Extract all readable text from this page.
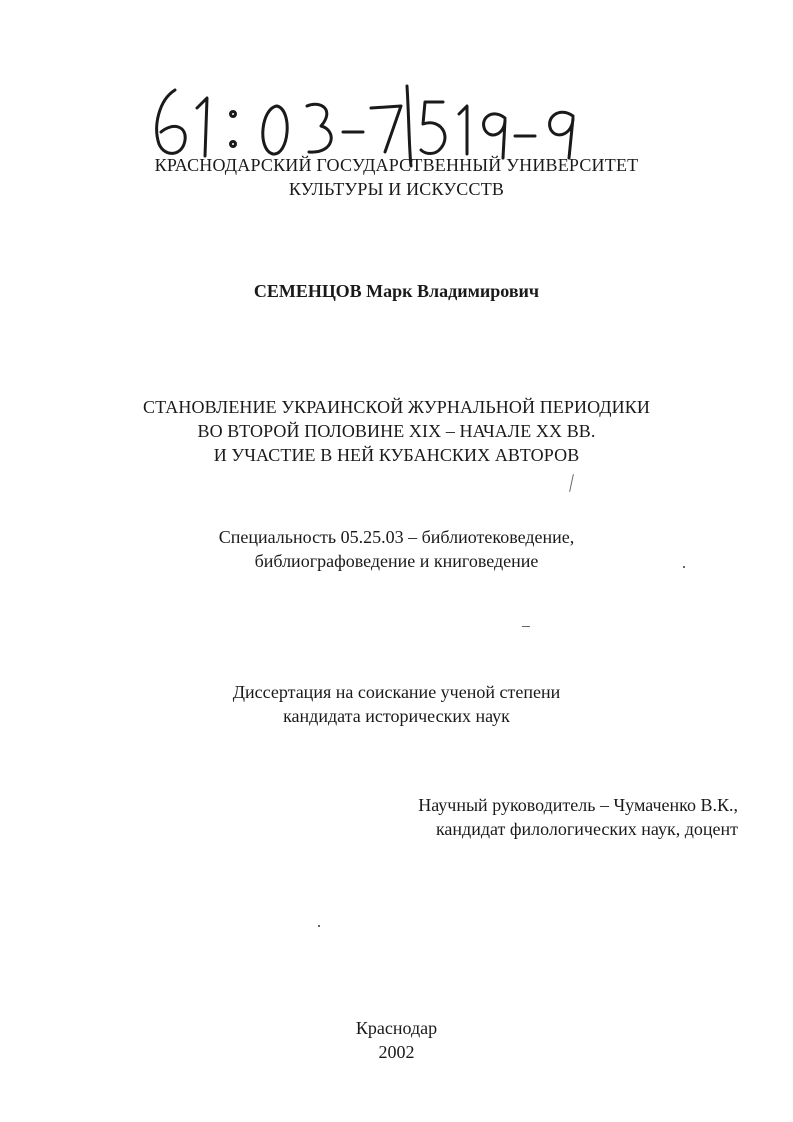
КРАСНОДАРСКИЙ ГОСУДАРСТВЕННЫЙ УНИВЕРСИТЕТ
КУЛЬТУРЫ И ИСКУССТВ
СЕМЕНЦОВ Марк Владимирович
СТАНОВЛЕНИЕ УКРАИНСКОЙ ЖУРНАЛЬНОЙ ПЕРИОДИКИ
ВО ВТОРОЙ ПОЛОВИНЕ XIX – НАЧАЛЕ XX ВВ.
И УЧАСТИЕ В НЕЙ КУБАНСКИХ АВТОРОВ
Специальность 05.25.03 – библиотековедение,
библиографоведение и книговедение
Диссертация на соискание ученой степени
кандидата исторических наук
Научный руководитель – Чумаченко В.К.,
кандидат филологических наук, доцент
Краснодар
2002
